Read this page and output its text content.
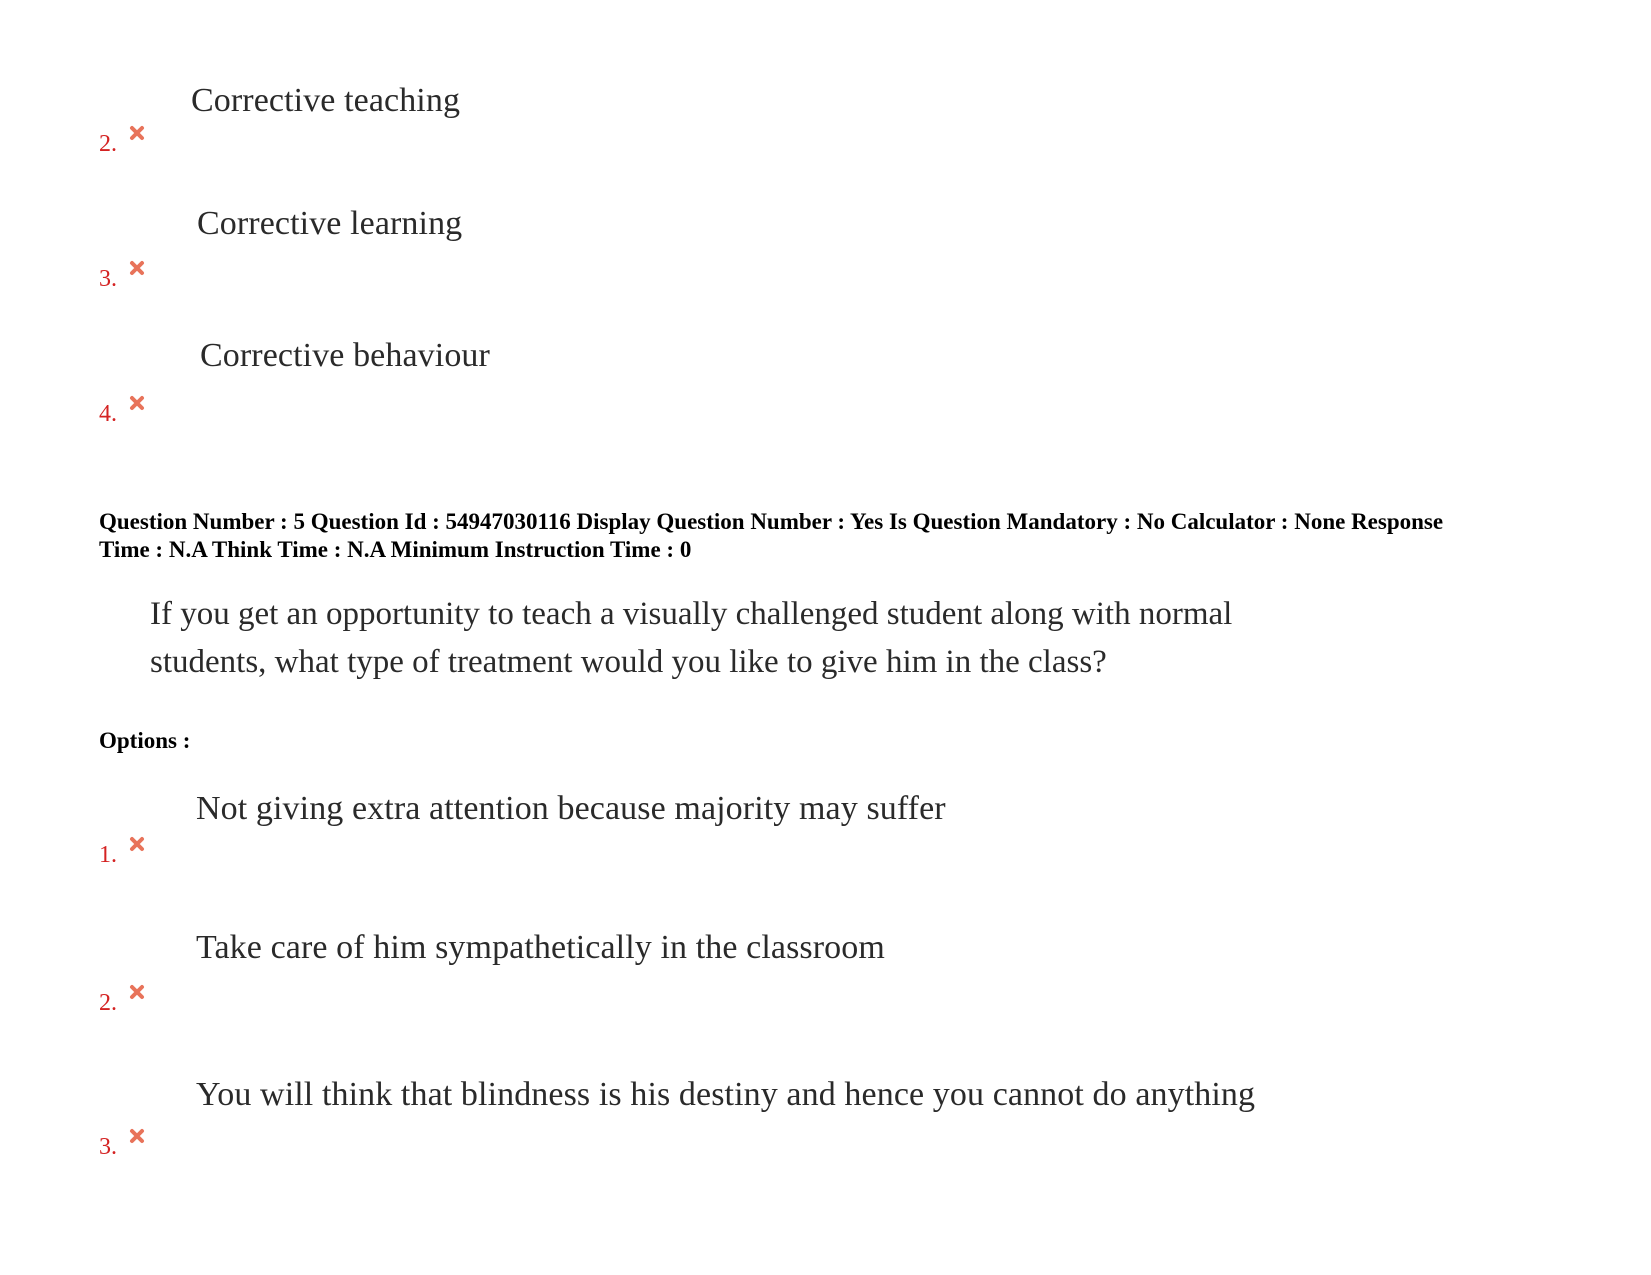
Corrective teaching
2.
Corrective learning
3.
Corrective behaviour
4.
Question Number : 5 Question Id : 54947030116 Display Question Number : Yes Is Question Mandatory : No Calculator : None Response
Time : N.A Think Time : N.A Minimum Instruction Time : 0
If you get an opportunity to teach a visually challenged student along with normal
students, what type of treatment would you like to give him in the class?
Options :
Not giving extra attention because majority may suffer
1.
Take care of him sympathetically in the classroom
2.
You will think that blindness is his destiny and hence you cannot do anything
3.
